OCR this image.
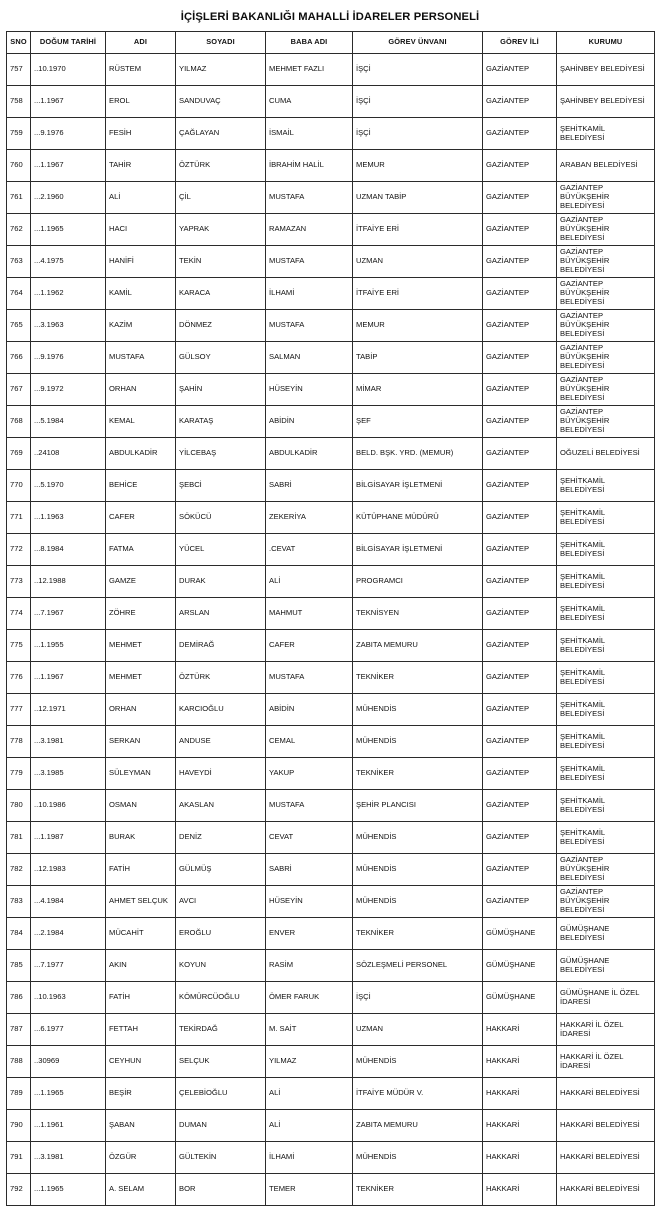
İÇİŞLERİ BAKANLIĞI MAHALLİ İDARELER PERSONELİ
SNO	DOĞUM TARİHİ	ADI	SOYADI	BABA ADI	GÖREV ÜNVANI	GÖREV İLİ	KURUMU

757	..10.1970	RÜSTEM	YILMAZ	MEHMET FAZLI	İŞÇİ	GAZİANTEP	ŞAHİNBEY BELEDİYESİ

758	...1.1967	EROL	SANDUVAÇ	CUMA	İŞÇİ	GAZİANTEP	ŞAHİNBEY BELEDİYESİ

759	...9.1976	FESİH	ÇAĞLAYAN	İSMAİL	İŞÇİ	GAZİANTEP	ŞEHİTKAMİL BELEDİYESİ

760	...1.1967	TAHİR	ÖZTÜRK	İBRAHİM HALİL	MEMUR	GAZİANTEP	ARABAN BELEDİYESİ

761	...2.1960	ALİ	ÇİL	MUSTAFA	UZMAN TABİP	GAZİANTEP	GAZİANTEP BÜYÜKŞEHİR BELEDİYESİ

762	...1.1965	HACI	YAPRAK	RAMAZAN	İTFAİYE ERİ	GAZİANTEP	GAZİANTEP BÜYÜKŞEHİR BELEDİYESİ

763	...4.1975	HANİFİ	TEKİN	MUSTAFA	UZMAN	GAZİANTEP	GAZİANTEP BÜYÜKŞEHİR BELEDİYESİ

764	...1.1962	KAMİL	KARACA	İLHAMİ	İTFAİYE ERİ	GAZİANTEP	GAZİANTEP BÜYÜKŞEHİR BELEDİYESİ

765	...3.1963	KAZİM	DÖNMEZ	MUSTAFA	MEMUR	GAZİANTEP	GAZİANTEP BÜYÜKŞEHİR BELEDİYESİ

766	...9.1976	MUSTAFA	GÜLSOY	SALMAN	TABİP	GAZİANTEP	GAZİANTEP BÜYÜKŞEHİR BELEDİYESİ

767	...9.1972	ORHAN	ŞAHİN	HÜSEYİN	MİMAR	GAZİANTEP	GAZİANTEP BÜYÜKŞEHİR BELEDİYESİ

768	...5.1984	KEMAL	KARATAŞ	ABİDİN	ŞEF	GAZİANTEP	GAZİANTEP BÜYÜKŞEHİR BELEDİYESİ

769	..24108	ABDULKADİR	YİLCEBAŞ	ABDULKADİR	BELD. BŞK. YRD. (MEMUR)	GAZİANTEP	OĞUZELİ BELEDİYESİ

770	...5.1970	BEHİCE	ŞEBCİ	SABRİ	BİLGİSAYAR İŞLETMENİ	GAZİANTEP	ŞEHİTKAMİL BELEDİYESİ

771	...1.1963	CAFER	SÖKÜCÜ	ZEKERİYA	KÜTÜPHANE MÜDÜRÜ	GAZİANTEP	ŞEHİTKAMİL BELEDİYESİ

772	...8.1984	FATMA	YÜCEL	.CEVAT	BİLGİSAYAR İŞLETMENİ	GAZİANTEP	ŞEHİTKAMİL BELEDİYESİ

773	..12.1988	GAMZE	DURAK	ALİ	PROGRAMCI	GAZİANTEP	ŞEHİTKAMİL BELEDİYESİ

774	...7.1967	ZÖHRE	ARSLAN	MAHMUT	TEKNİSYEN	GAZİANTEP	ŞEHİTKAMİL BELEDİYESİ

775	...1.1955	MEHMET	DEMİRAĞ	CAFER	ZABITA MEMURU	GAZİANTEP	ŞEHİTKAMİL BELEDİYESİ

776	...1.1967	MEHMET	ÖZTÜRK	MUSTAFA	TEKNİKER	GAZİANTEP	ŞEHİTKAMİL BELEDİYESİ

777	..12.1971	ORHAN	KARCIOĞLU	ABİDİN	MÜHENDİS	GAZİANTEP	ŞEHİTKAMİL BELEDİYESİ

778	...3.1981	SERKAN	ANDUSE	CEMAL	MÜHENDİS	GAZİANTEP	ŞEHİTKAMİL BELEDİYESİ

779	...3.1985	SÜLEYMAN	HAVEYDİ	YAKUP	TEKNİKER	GAZİANTEP	ŞEHİTKAMİL BELEDİYESİ

780	..10.1986	OSMAN	AKASLAN	MUSTAFA	ŞEHİR PLANCISI	GAZİANTEP	ŞEHİTKAMİL BELEDİYESİ

781	...1.1987	BURAK	DENİZ	CEVAT	MÜHENDİS	GAZİANTEP	ŞEHİTKAMİL BELEDİYESİ

782	..12.1983	FATİH	GÜLMÜŞ	SABRİ	MÜHENDİS	GAZİANTEP	GAZİANTEP BÜYÜKŞEHİR BELEDİYESİ

783	...4.1984	AHMET SELÇUK	AVCI	HÜSEYİN	MÜHENDİS	GAZİANTEP	GAZİANTEP BÜYÜKŞEHİR BELEDİYESİ

784	...2.1984	MÜCAHİT	EROĞLU	ENVER	TEKNİKER	GÜMÜŞHANE	GÜMÜŞHANE BELEDİYESİ

785	...7.1977	AKIN	KOYUN	RASİM	SÖZLEŞMELİ PERSONEL	GÜMÜŞHANE	GÜMÜŞHANE BELEDİYESİ

786	..10.1963	FATİH	KÖMÜRCÜOĞLU	ÖMER FARUK	İŞÇİ	GÜMÜŞHANE	GÜMÜŞHANE İL ÖZEL İDARESİ

787	...6.1977	FETTAH	TEKİRDAĞ	M. SAİT	UZMAN	HAKKARİ	HAKKARİ İL ÖZEL İDARESİ

788	..30969	CEYHUN	SELÇUK	YILMAZ	MÜHENDİS	HAKKARİ	HAKKARİ İL ÖZEL İDARESİ

789	...1.1965	BEŞİR	ÇELEBİOĞLU	ALİ	İTFAİYE MÜDÜR V.	HAKKARİ	HAKKARİ BELEDİYESİ

790	...1.1961	ŞABAN	DUMAN	ALİ	ZABITA MEMURU	HAKKARİ	HAKKARİ BELEDİYESİ

791	...3.1981	ÖZGÜR	GÜLTEKİN	İLHAMİ	MÜHENDİS	HAKKARİ	HAKKARİ BELEDİYESİ

792	...1.1965	A. SELAM	BOR	TEMER	TEKNİKER	HAKKARİ	HAKKARİ BELEDİYESİ
